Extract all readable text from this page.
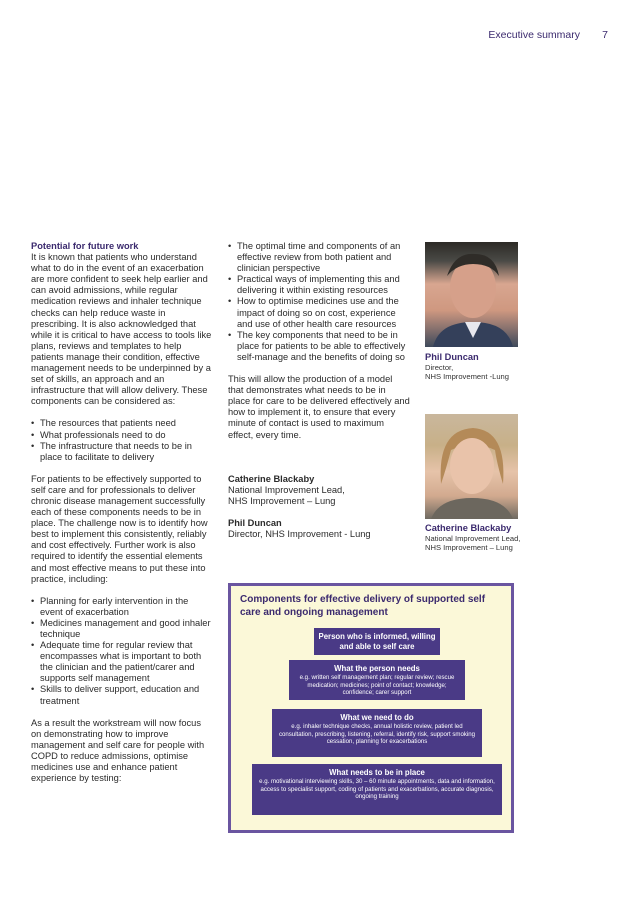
Executive summary 7

Potential for future work

It is known that patients who understand what to do in the event of an exacerbation are more confident to seek help earlier and can avoid admissions, while regular medication reviews and inhaler technique checks can help reduce waste in prescribing. It is also acknowledged that while it is critical to have access to tools like plans, reviews and templates to help patients manage their condition, effective management needs to be underpinned by a set of skills, an approach and an infrastructure that will allow delivery. These components can be considered as:

• The resources that patients need
• What professionals need to do
• The infrastructure that needs to be in place to facilitate to delivery

For patients to be effectively supported to self care and for professionals to deliver chronic disease management successfully each of these components needs to be in place. The challenge now is to identify how best to implement this consistently, reliably and cost effectively. Further work is also required to identify the essential elements and most effective means to put these into practice, including:

• Planning for early intervention in the event of exacerbation
• Medicines management and good inhaler technique
• Adequate time for regular review that encompasses what is important to both the clinician and the patient/carer and supports self management
• Skills to deliver support, education and treatment

As a result the workstream will now focus on demonstrating how to improve management and self care for people with COPD to reduce admissions, optimise medicines use and enhance patient experience by testing:

• The optimal time and components of an effective review from both patient and clinician perspective
• Practical ways of implementing this and delivering it within existing resources
• How to optimise medicines use and the impact of doing so on cost, experience and use of other health care resources
• The key components that need to be in place for patients to be able to effectively self-manage and the benefits of doing so

This will allow the production of a model that demonstrates what needs to be in place for care to be delivered effectively and how to implement it, to ensure that every minute of contact is used to maximum effect, every time.

Catherine Blackaby

National Improvement Lead,

NHS Improvement – Lung

Phil Duncan

Director, NHS Improvement - Lung

Phil Duncan
Director,
NHS Improvement -Lung
Catherine Blackaby
National Improvement Lead,
NHS Improvement – Lung
Components for effective delivery of supported self care and ongoing management
Person who is informed, willing and able to self care
What the person needs
e.g. written self management plan; regular review; rescue medication; medicines; point of contact; knowledge; confidence; carer support
What we need to do
e.g. inhaler technique checks, annual holistic review, patient led consultation, prescribing, listening, referral, identify risk, support smoking cessation, planning for exacerbations
What needs to be in place
e.g. motivational interviewing skills, 30 – 60 minute appointments, data and information, access to specialist support, coding of patients and exacerbations, accurate diagnosis, ongoing training
